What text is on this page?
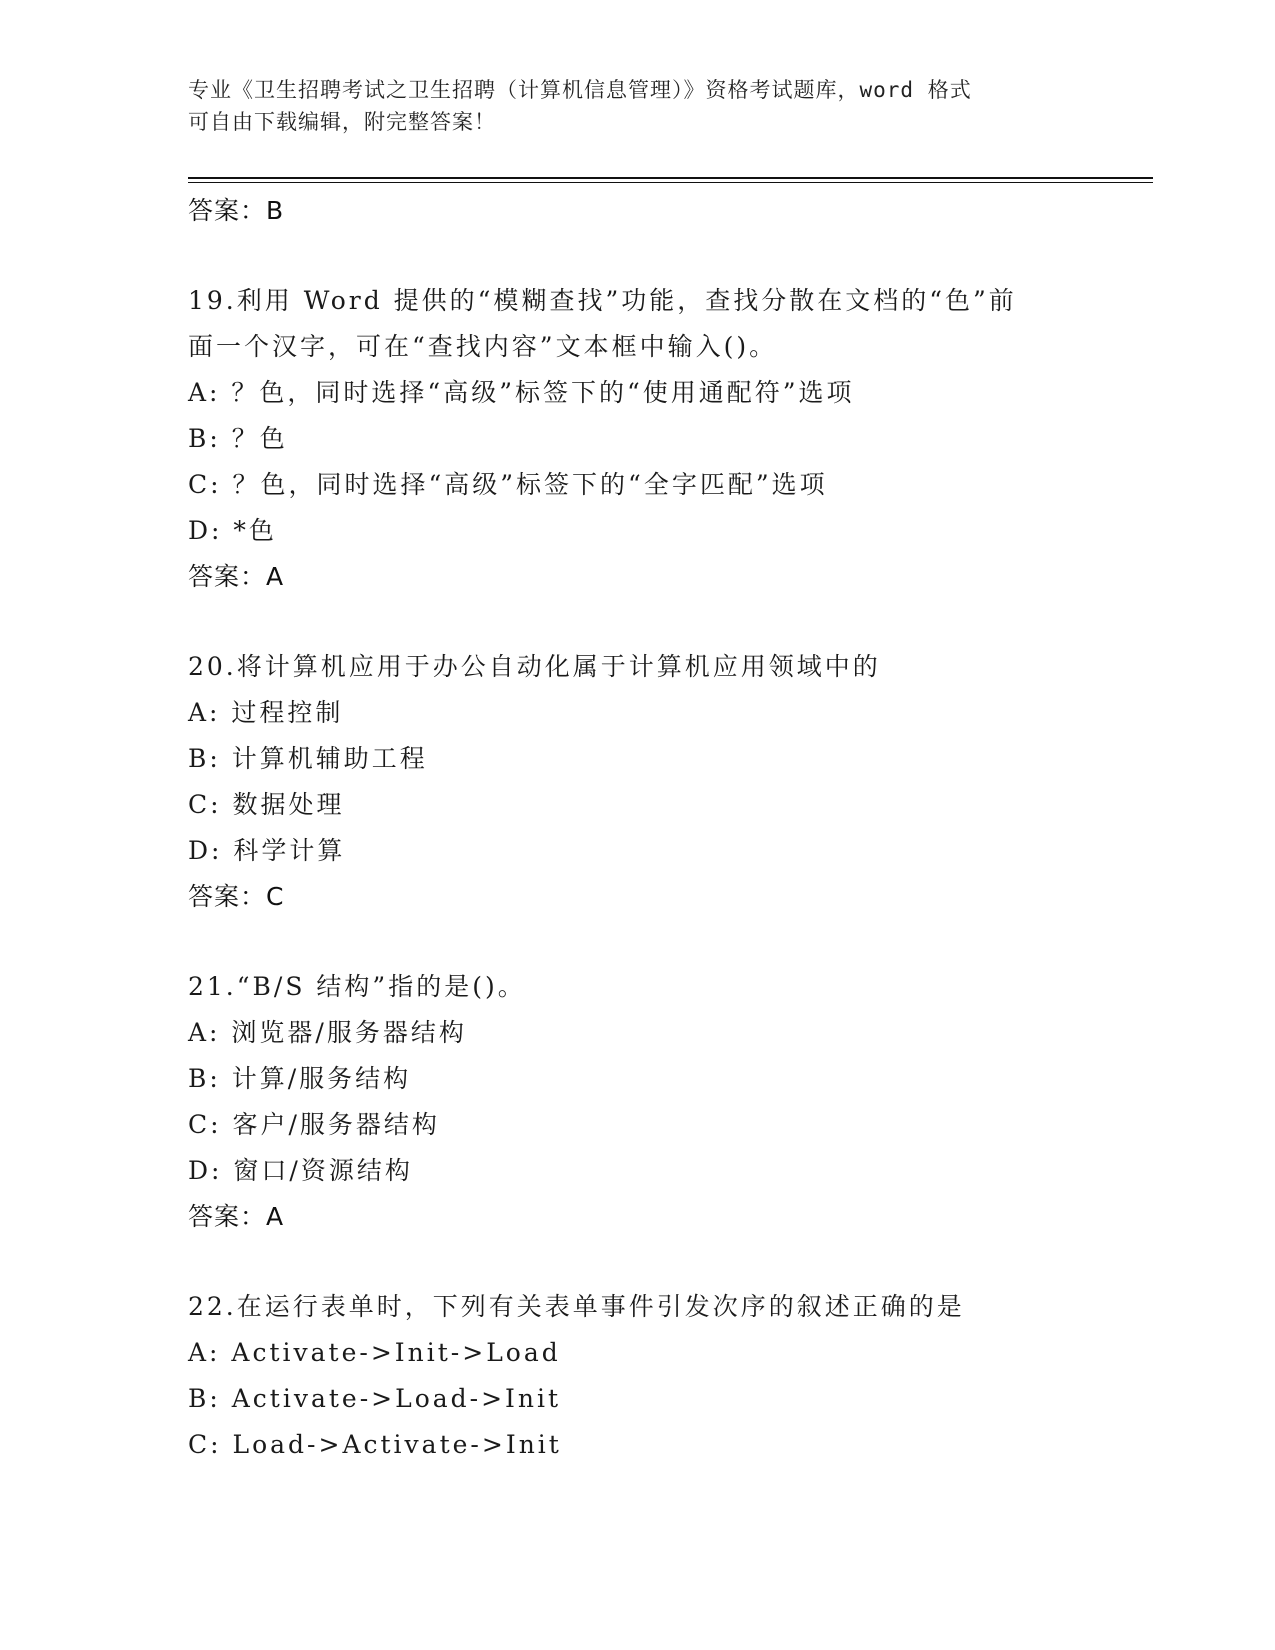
专业《卫生招聘考试之卫生招聘（计算机信息管理）》资格考试题库，word 格式
可自由下载编辑，附完整答案！
答案：B
19.利用 Word 提供的“模糊查找”功能，查找分散在文档的“色”前
面一个汉字，可在“查找内容”文本框中输入()。
A: ？色，同时选择“高级”标签下的“使用通配符”选项
B: ？色
C: ？色，同时选择“高级”标签下的“全字匹配”选项
D: *色
答案：A
20.将计算机应用于办公自动化属于计算机应用领域中的
A: 过程控制
B: 计算机辅助工程
C: 数据处理
D: 科学计算
答案：C
21.“B/S 结构”指的是()。
A: 浏览器/服务器结构
B: 计算/服务结构
C: 客户/服务器结构
D: 窗口/资源结构
答案：A
22.在运行表单时，下列有关表单事件引发次序的叙述正确的是
A: Activate->Init->Load
B: Activate->Load->Init
C: Load->Activate->Init
